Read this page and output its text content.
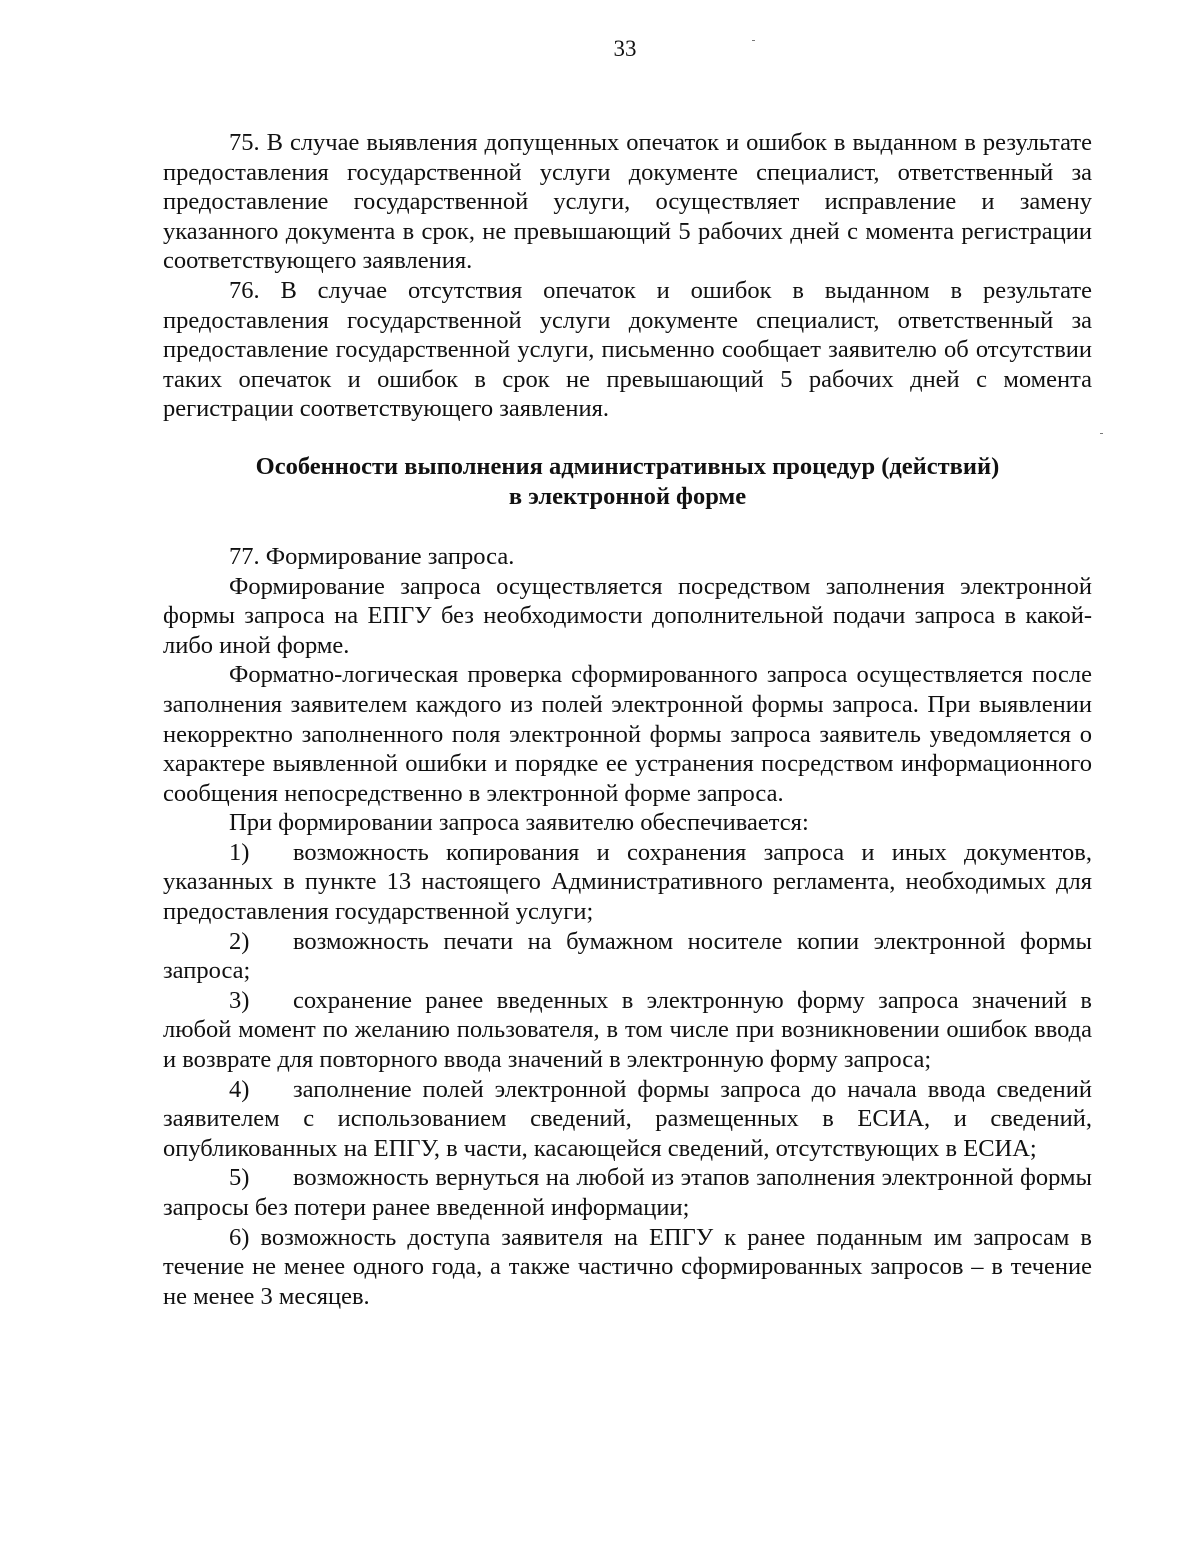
33

75. В случае выявления допущенных опечаток и ошибок в выданном в результате предоставления государственной услуги документе специалист, ответственный за предоставление государственной услуги, осуществляет исправление и замену указанного документа в срок, не превышающий 5 рабочих дней с момента регистрации соответствующего заявления.

76. В случае отсутствия опечаток и ошибок в выданном в результате предоставления государственной услуги документе специалист, ответственный за предоставление государственной услуги, письменно сообщает заявителю об отсутствии таких опечаток и ошибок в срок не превышающий 5 рабочих дней с момента регистрации соответствующего заявления.

Особенности выполнения административных процедур (действий)
в электронной форме

77. Формирование запроса.

Формирование запроса осуществляется посредством заполнения электронной формы запроса на ЕПГУ без необходимости дополнительной подачи запроса в какой-либо иной форме.

Форматно-логическая проверка сформированного запроса осуществляется после заполнения заявителем каждого из полей электронной формы запроса. При выявлении некорректно заполненного поля электронной формы запроса заявитель уведомляется о характере выявленной ошибки и порядке ее устранения посредством информационного сообщения непосредственно в электронной форме запроса.

При формировании запроса заявителю обеспечивается:

1) возможность копирования и сохранения запроса и иных документов, указанных в пункте 13 настоящего Административного регламента, необходимых для предоставления государственной услуги;

2) возможность печати на бумажном носителе копии электронной формы запроса;

3) сохранение ранее введенных в электронную форму запроса значений в любой момент по желанию пользователя, в том числе при возникновении ошибок ввода и возврате для повторного ввода значений в электронную форму запроса;

4) заполнение полей электронной формы запроса до начала ввода сведений заявителем с использованием сведений, размещенных в ЕСИА, и сведений, опубликованных на ЕПГУ, в части, касающейся сведений, отсутствующих в ЕСИА;

5) возможность вернуться на любой из этапов заполнения электронной формы запросы без потери ранее введенной информации;

6) возможность доступа заявителя на ЕПГУ к ранее поданным им запросам в течение не менее одного года, а также частично сформированных запросов – в течение не менее 3 месяцев.
